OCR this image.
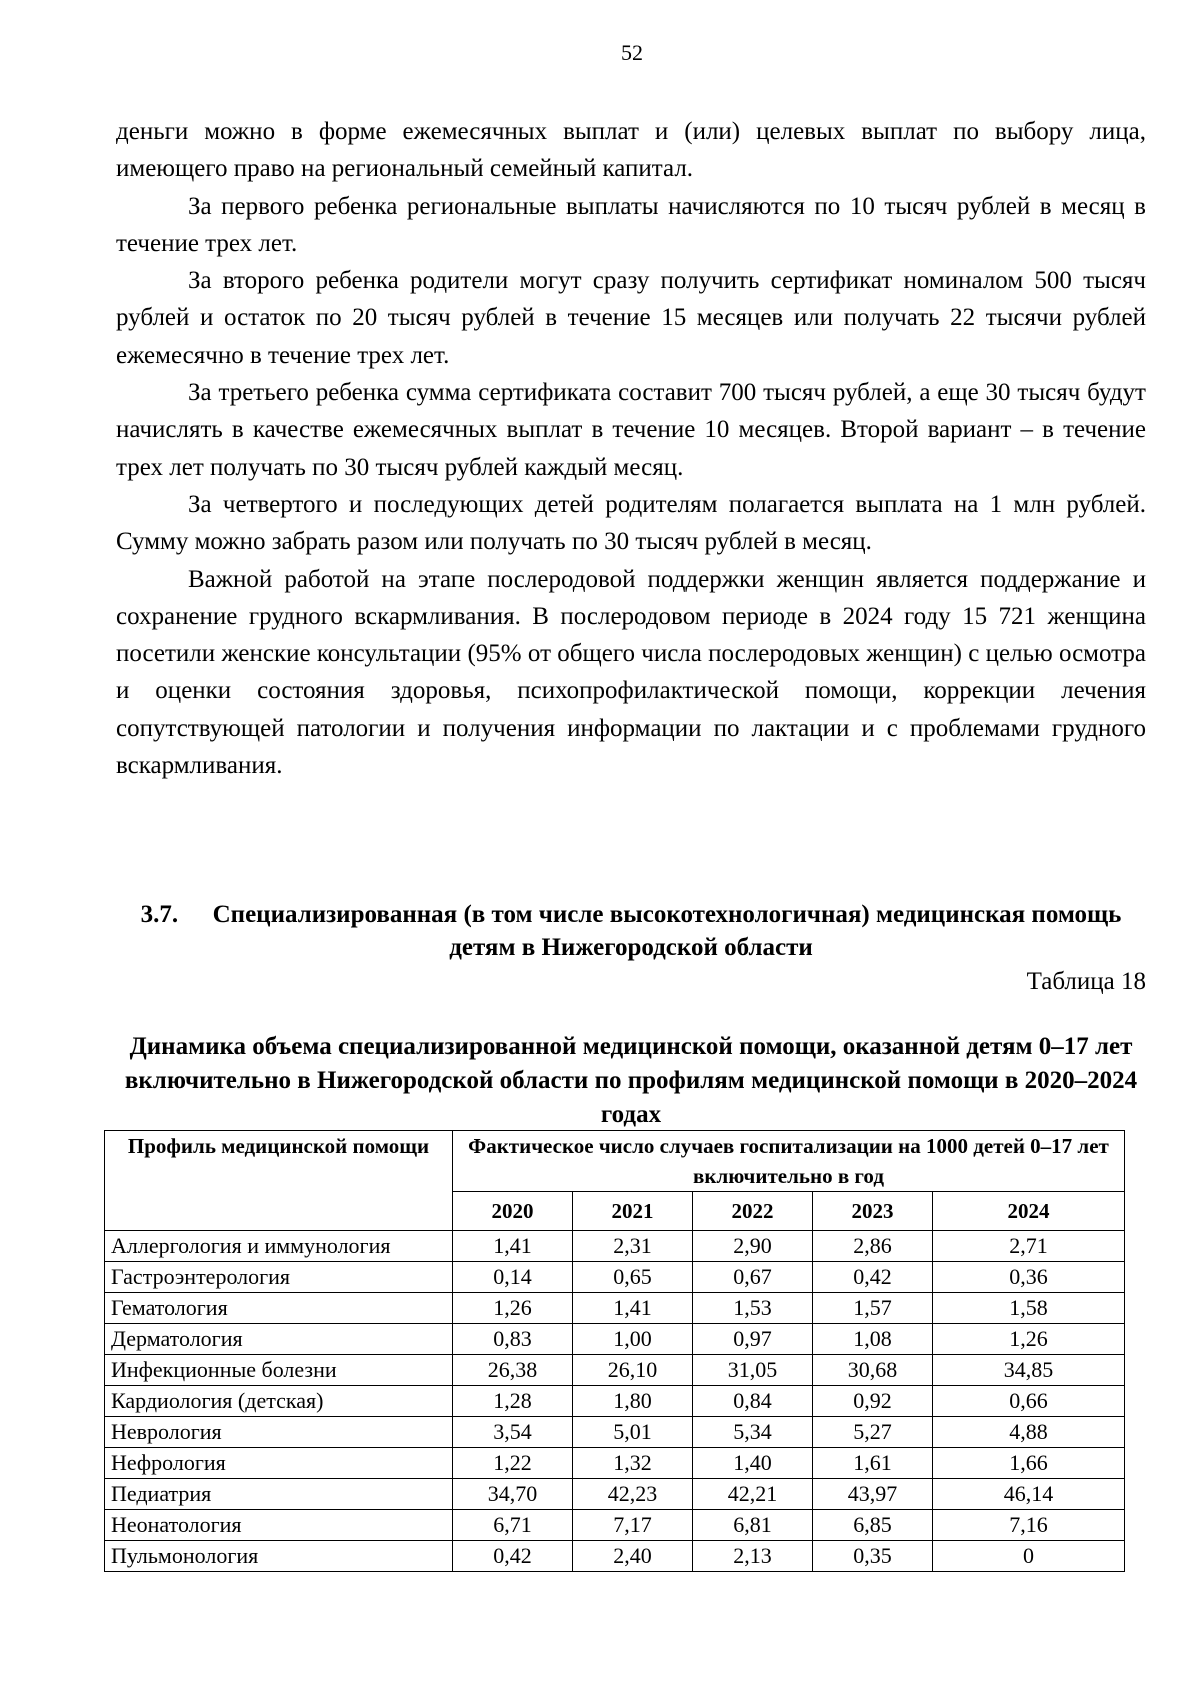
52

деньги можно в форме ежемесячных выплат и (или) целевых выплат по выбору лица, имеющего право на региональный семейный капитал.

За первого ребенка региональные выплаты начисляются по 10 тысяч рублей в месяц в течение трех лет.

За второго ребенка родители могут сразу получить сертификат номиналом 500 тысяч рублей и остаток по 20 тысяч рублей в течение 15 месяцев или получать 22 тысячи рублей ежемесячно в течение трех лет.

За третьего ребенка сумма сертификата составит 700 тысяч рублей, а еще 30 тысяч будут начислять в качестве ежемесячных выплат в течение 10 месяцев. Второй вариант – в течение трех лет получать по 30 тысяч рублей каждый месяц.

За четвертого и последующих детей родителям полагается выплата на 1 млн рублей. Сумму можно забрать разом или получать по 30 тысяч рублей в месяц.

Важной работой на этапе послеродовой поддержки женщин является поддержание и сохранение грудного вскармливания. В послеродовом периоде в 2024 году 15 721 женщина посетили женские консультации (95% от общего числа послеродовых женщин) с целью осмотра и оценки состояния здоровья, психопрофилактической помощи, коррекции лечения сопутствующей патологии и получения информации по лактации и с проблемами грудного вскармливания.

3.7. Специализированная (в том числе высокотехнологичная) медицинская помощь детям в Нижегородской области
Таблица 18
Динамика объема специализированной медицинской помощи, оказанной детям 0–17 лет включительно в Нижегородской области по профилям медицинской помощи в 2020–2024 годах
Профиль медицинской помощи	Фактическое число случаев госпитализации на 1000 детей 0–17 лет включительно в год				
	2020	2021	2022	2023	2024
Аллергология и иммунология	1,41	2,31	2,90	2,86	2,71
Гастроэнтерология	0,14	0,65	0,67	0,42	0,36
Гематология	1,26	1,41	1,53	1,57	1,58
Дерматология	0,83	1,00	0,97	1,08	1,26
Инфекционные болезни	26,38	26,10	31,05	30,68	34,85
Кардиология (детская)	1,28	1,80	0,84	0,92	0,66
Неврология	3,54	5,01	5,34	5,27	4,88
Нефрология	1,22	1,32	1,40	1,61	1,66
Педиатрия	34,70	42,23	42,21	43,97	46,14
Неонатология	6,71	7,17	6,81	6,85	7,16
Пульмонология	0,42	2,40	2,13	0,35	0
